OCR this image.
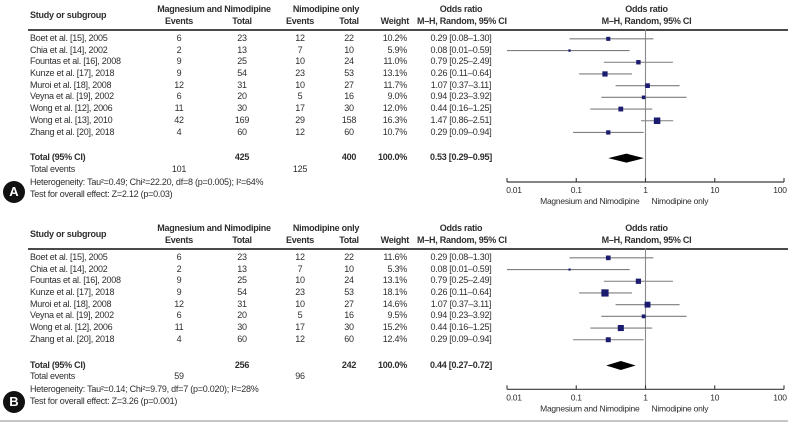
Study or subgroup
Magnesium and Nimodipine	Nimodipine only	Odds ratio	Odds ratio
Events	Total	Events	Total	Weight M–H, Random, 95% CI	M–H, Random, 95% CI
Boet et al. [15], 2005	6	23	12	22	10.2%	0.29 [0.08–1.30]
Chia et al. [14], 2002	2	13	7	10	5.9%	0.08 [0.01–0.59]
Fountas et al. [16], 2008	9	25	10	24	11.0%	0.79 [0.25–2.49]
Kunze et al. [17], 2018	9	54	23	53	13.1%	0.26 [0.11–0.64]
Muroi et al. [18], 2008	12	31	10	27	11.7%	1.07 [0.37–3.11]
Veyna et al. [19], 2002	6	20	5	16	9.0%	0.94 [0.23–3.92]
Wong et al. [12], 2006	11	30	17	30	12.0%	0.44 [0.16–1.25]
Wong et al. [13], 2010	42	169	29	158	16.3%	1.47 [0.86–2.51]
Zhang et al. [20], 2018	4	60	12	60	10.7%	0.29 [0.09–0.94]
Total (95% CI)	425	400	100.0%	0.53 [0.29–0.95]
Total events	101	125
Heterogeneity: Tau²=0.49; Chi²=22.20, df=8 (p=0.005); I²=64%
Test for overall effect: Z=2.12 (p=0.03)	0.01	0.1	1	10	100
Magnesium and Nimodipine Nimodipine only
Study or subgroup
Magnesium and Nimodipine	Nimodipine only	Odds ratio	Odds ratio
Events	Total	Events	Total	Weight M–H, Random, 95% CI	M–H, Random, 95% CI
Boet et al. [15], 2005	6	23	12	22	11.6%	0.29 [0.08–1.30]
Chia et al. [14], 2002	2	13	7	10	5.3%	0.08 [0.01–0.59]
Fountas et al. [16], 2008	9	25	10	24	13.1%	0.79 [0.25–2.49]
Kunze et al. [17], 2018	9	54	23	53	18.1%	0.26 [0.11–0.64]
Muroi et al. [18], 2008	12	31	10	27	14.6%	1.07 [0.37–3.11]
Veyna et al. [19], 2002	6	20	5	16	9.5%	0.94 [0.23–3.92]
Wong et al. [12], 2006	11	30	17	30	15.2%	0.44 [0.16–1.25]
Zhang et al. [20], 2018	4	60	12	60	12.4%	0.29 [0.09–0.94]
Total (95% CI)	256	242	100.0%	0.44 [0.27–0.72]
Total events	59	96
Heterogeneity: Tau²=0.14; Chi²=9.79, df=7 (p=0.020); I²=28%
Test for overall effect: Z=3.26 (p=0.001)	0.01	0.1	1	10	100
Magnesium and Nimodipine Nimodipine only
A
B
